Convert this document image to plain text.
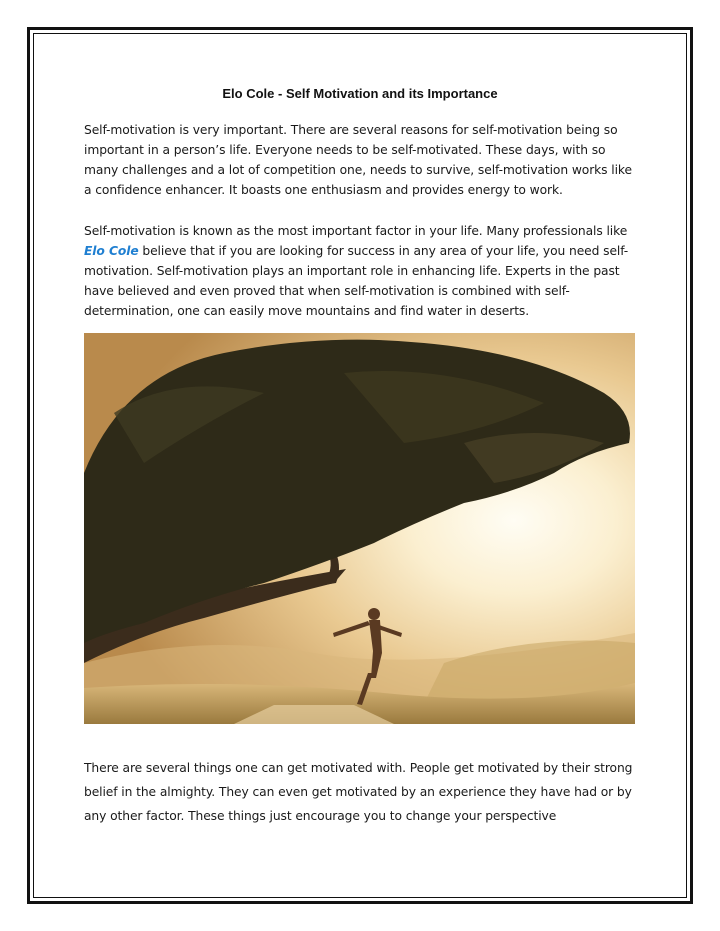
Elo Cole - Self Motivation and its Importance
Self-motivation is very important. There are several reasons for self-motivation being so important in a person’s life. Everyone needs to be self-motivated. These days, with so many challenges and a lot of competition one, needs to survive, self-motivation works like a confidence enhancer. It boasts one enthusiasm and provides energy to work.
Self-motivation is known as the most important factor in your life. Many professionals like Elo Cole believe that if you are looking for success in any area of your life, you need self-motivation. Self-motivation plays an important role in enhancing life. Experts in the past have believed and even proved that when self-motivation is combined with self-determination, one can easily move mountains and find water in deserts.
There are several things one can get motivated with. People get motivated by their strong belief in the almighty. They can even get motivated by an experience they have had or by any other factor. These things just encourage you to change your perspective
